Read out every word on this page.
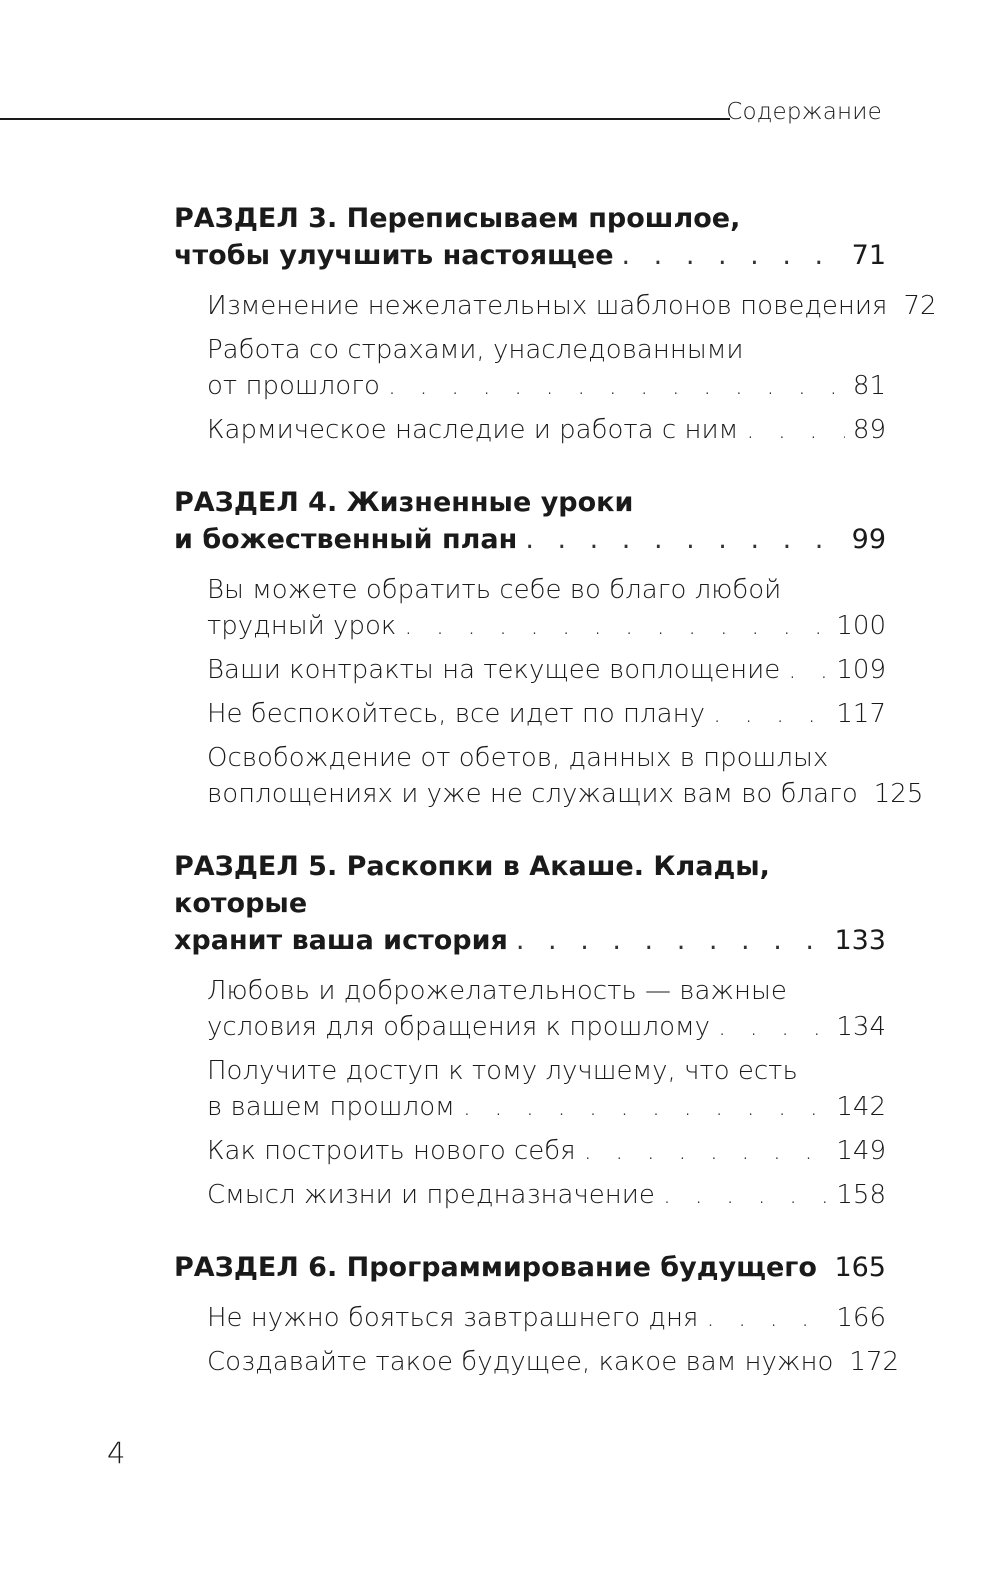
Содержание
РАЗДЕЛ 3. Переписываем прошлое,
чтобы улучшить настоящее . . .	71
Изменение нежелательных шаблонов поведения 72
Работа со страхами, унаследованными
от прошлого . . .	81
Кармическое наследие и работа с ним . . .	89
РАЗДЕЛ 4. Жизненные уроки
и божественный план . . .	99
Вы можете обратить себе во благо любой
трудный урок . . .	100
Ваши контракты на текущее воплощение . . . 109
Не беспокойтесь, все идет по плану . . .	117
Освобождение от обетов, данных в прошлых
воплощениях и уже не служащих вам во благо 125
РАЗДЕЛ 5. Раскопки в Акаше. Клады, которые
хранит ваша история . . .	133
Любовь и доброжелательность — важные
условия для обращения к прошлому . . .	134
Получите доступ к тому лучшему, что есть
в вашем прошлом . . .	142
Как построить нового себя . . .	149
Смысл жизни и предназначение . . .	158
РАЗДЕЛ 6. Программирование будущего . . . 165
Не нужно бояться завтрашнего дня . . .	166
Создавайте такое будущее, какое вам нужно 172
4
